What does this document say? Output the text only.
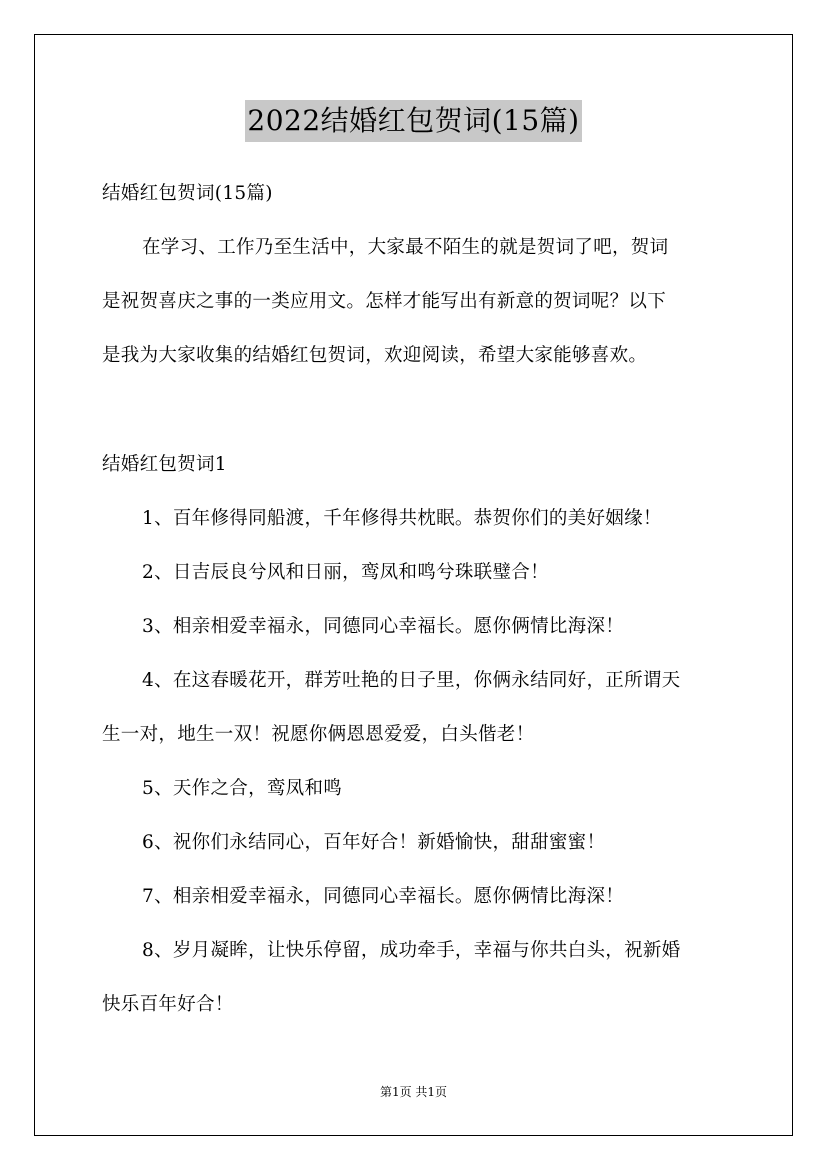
2022结婚红包贺词(15篇)
结婚红包贺词(15篇)
在学习、工作乃至生活中，大家最不陌生的就是贺词了吧，贺词
是祝贺喜庆之事的一类应用文。怎样才能写出有新意的贺词呢？以下
是我为大家收集的结婚红包贺词，欢迎阅读，希望大家能够喜欢。
结婚红包贺词1
1、百年修得同船渡，千年修得共枕眠。恭贺你们的美好姻缘！
2、日吉辰良兮风和日丽，鸾凤和鸣兮珠联璧合！
3、相亲相爱幸福永，同德同心幸福长。愿你俩情比海深！
4、在这春暖花开，群芳吐艳的日子里，你俩永结同好，正所谓天
生一对，地生一双！祝愿你俩恩恩爱爱，白头偕老！
5、天作之合，鸾凤和鸣
6、祝你们永结同心，百年好合！新婚愉快，甜甜蜜蜜！
7、相亲相爱幸福永，同德同心幸福长。愿你俩情比海深！
8、岁月凝眸，让快乐停留，成功牵手，幸福与你共白头，祝新婚
快乐百年好合！
第1页 共1页
